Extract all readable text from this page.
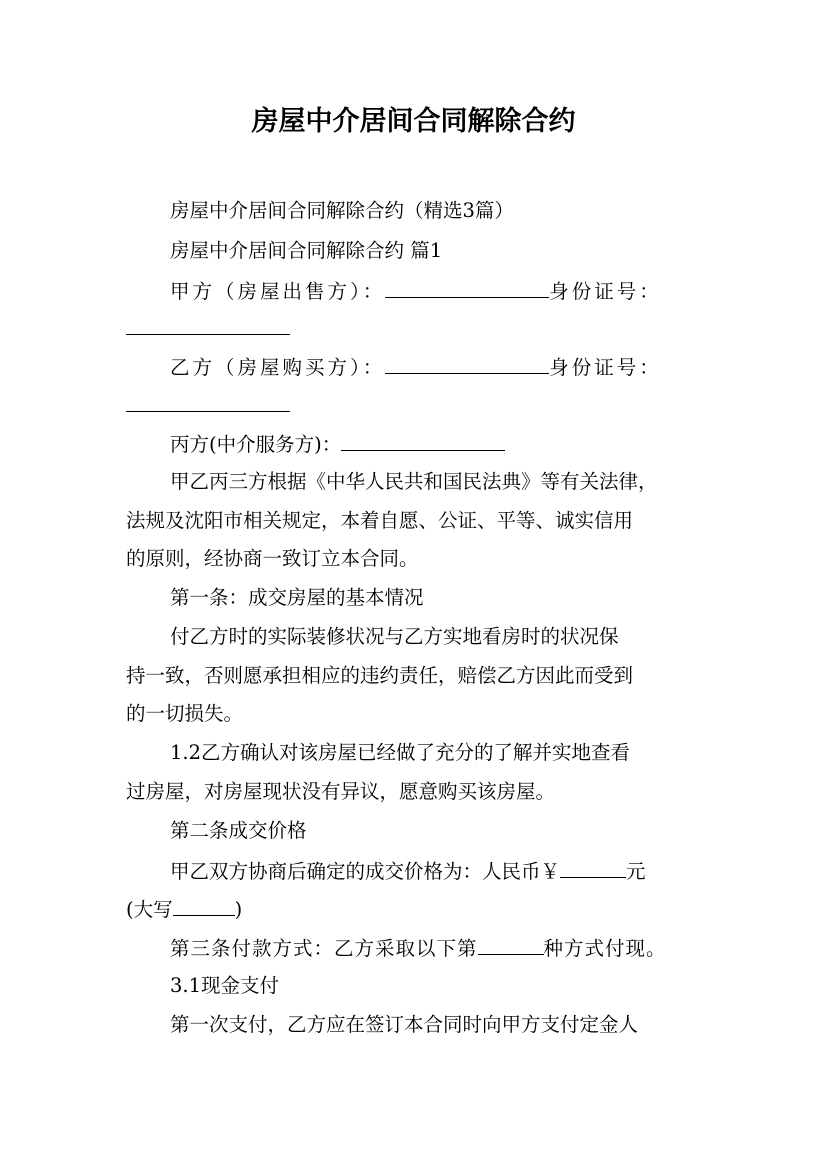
房屋中介居间合同解除合约

房屋中介居间合同解除合约（精选3篇）

房屋中介居间合同解除合约 篇1

甲方（房屋出售方）：	身份证号：

乙方（房屋购买方）：	身份证号：

丙方(中介服务方)：

甲乙丙三方根据《中华人民共和国民法典》等有关法律，

法规及沈阳市相关规定，本着自愿、公证、平等、诚实信用

的原则，经协商一致订立本合同。

第一条：成交房屋的基本情况

付乙方时的实际装修状况与乙方实地看房时的状况保

持一致，否则愿承担相应的违约责任，赔偿乙方因此而受到

的一切损失。

1.2乙方确认对该房屋已经做了充分的了解并实地查看

过房屋，对房屋现状没有异议，愿意购买该房屋。

第二条成交价格

甲乙双方协商后确定的成交价格为：人民币￥	元

(大写	)

第三条付款方式：乙方采取以下第	种方式付现。

3.1现金支付

第一次支付，乙方应在签订本合同时向甲方支付定金人
